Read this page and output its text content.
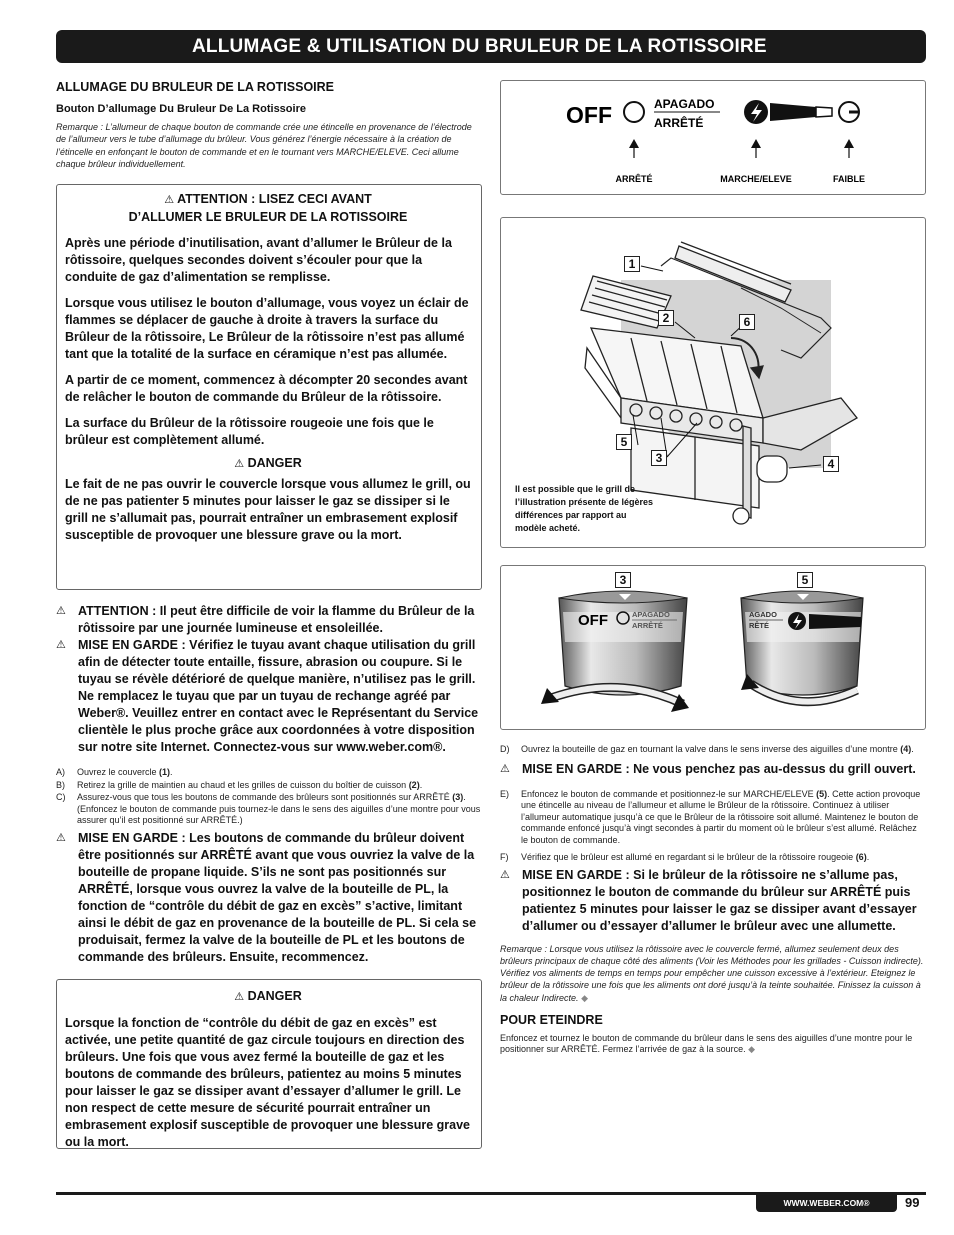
ALLUMAGE & UTILISATION DU BRULEUR DE LA ROTISSOIRE
ALLUMAGE DU BRULEUR DE LA ROTISSOIRE
Bouton D’allumage Du Bruleur De La Rotissoire
Remarque : L’allumeur de chaque bouton de commande crée une étincelle en provenance de l’électrode de l’allumeur vers le tube d’allumage du brûleur. Vous générez l’énergie nécessaire à la création de l’étincelle en enfonçant le bouton de commande et en le tournant vers MARCHE/ELEVE. Ceci allume chaque brûleur individuellement.
⚠ ATTENTION : LISEZ CECI AVANT
D’ALLUMER LE BRULEUR DE LA ROTISSOIRE

Après une période d’inutilisation, avant d’allumer le Brûleur de la rôtissoire, quelques secondes doivent s’écouler pour que la conduite de gaz d’alimentation se remplisse.

Lorsque vous utilisez le bouton d’allumage, vous voyez un éclair de flammes se déplacer de gauche à droite à travers la surface du Brûleur de la rôtissoire, Le Brûleur de la rôtissoire n’est pas allumé tant que la totalité de la surface en céramique n’est pas allumée.

A partir de ce moment, commencez à décompter 20 secondes avant de relâcher le bouton de commande du Brûleur de la rôtissoire.

La surface du Brûleur de la rôtissoire rougeoie une fois que le brûleur est complètement allumé.

⚠ DANGER

Le fait de ne pas ouvrir le couvercle lorsque vous allumez le grill, ou de ne pas patienter 5 minutes pour laisser le gaz se dissiper si le grill ne s’allumait pas, pourrait entraîner un embrasement explosif susceptible de provoquer une blessure grave ou la mort.

⚠ ATTENTION : Il peut être difficile de voir la flamme du Brûleur de la rôtissoire par une journée lumineuse et ensoleillée.
⚠ MISE EN GARDE : Vérifiez le tuyau avant chaque utilisation du grill afin de détecter toute entaille, fissure, abrasion ou coupure. Si le tuyau se révèle détérioré de quelque manière, n’utilisez pas le grill. Ne remplacez le tuyau que par un tuyau de rechange agréé par Weber®. Veuillez entrer en contact avec le Représentant du Service clientèle le plus proche grâce aux coordonnées à votre disposition sur notre site Internet. Connectez-vous sur www.weber.com®.
A)	Ouvrez le couvercle (1).
B)	Retirez la grille de maintien au chaud et les grilles de cuisson du boîtier de cuisson (2).
C)	Assurez-vous que tous les boutons de commande des brûleurs sont positionnés sur ARRÊTÉ (3). (Enfoncez le bouton de commande puis tournez-le dans le sens des aiguilles d’une montre pour vous assurer qu’il est positionné sur ARRÊTÉ.)
⚠ MISE EN GARDE : Les boutons de commande du brûleur doivent être positionnés sur ARRÊTÉ avant que vous ouvriez la valve de la bouteille de propane liquide. S’ils ne sont pas positionnés sur ARRÊTÉ, lorsque vous ouvrez la valve de la bouteille de PL, la fonction de “contrôle du débit de gaz en excès” s’active, limitant ainsi le débit de gaz en provenance de la bouteille de PL. Si cela se produisait, fermez la valve de la bouteille de PL et les boutons de commande des brûleurs. Ensuite, recommencez.
⚠ DANGER

Lorsque la fonction de “contrôle du débit de gaz en excès” est activée, une petite quantité de gaz circule toujours en direction des brûleurs. Une fois que vous avez fermé la bouteille de gaz et les boutons de commande des brûleurs, patientez au moins 5 minutes pour laisser le gaz se dissiper avant d’essayer d’allumer le grill. Le non respect de cette mesure de sécurité pourrait entraîner un embrasement explosif susceptible de provoquer une blessure grave ou la mort.

OFF	APAGADO
ARRÊTÉ
ARRÊTÉ	MARCHE/ELEVE	FAIBLE
1
2	6
5
3	4
Il est possible que le grill de l’illustration présente de légères différences par rapport au modèle acheté.
OFF	APAGADO
ARRÊTÉ
AGADO
RÊTÉ
3	5
D)	Ouvrez la bouteille de gaz en tournant la valve dans le sens inverse des aiguilles d’une montre (4).
⚠ MISE EN GARDE : Ne vous penchez pas au-dessus du grill ouvert.
E)	Enfoncez le bouton de commande et positionnez-le sur MARCHE/ELEVE (5). Cette action provoque une étincelle au niveau de l’allumeur et allume le Brûleur de la rôtissoire. Continuez à utiliser l’allumeur automatique jusqu’à ce que le Brûleur de la rôtissoire soit allumé. Maintenez le bouton de commande enfoncé jusqu’à vingt secondes à partir du moment où le brûleur s’est allumé. Relâchez le bouton de commande.
F)	Vérifiez que le brûleur est allumé en regardant si le brûleur de la rôtissoire rougeoie (6).
⚠ MISE EN GARDE : Si le brûleur de la rôtissoire ne s’allume pas, positionnez le bouton de commande du brûleur sur ARRÊTÉ puis patientez 5 minutes pour laisser le gaz se dissiper avant d’essayer d’allumer ou d’essayer d’allumer le brûleur avec une allumette.
Remarque : Lorsque vous utilisez la rôtissoire avec le couvercle fermé, allumez seulement deux des brûleurs principaux de chaque côté des aliments (Voir les Méthodes pour les grillades - Cuisson indirecte). Vérifiez vos aliments de temps en temps pour empêcher une cuisson excessive à l’extérieur. Eteignez le brûleur de la rôtissoire une fois que les aliments ont doré jusqu’à la teinte souhaitée. Finissez la cuisson à la chaleur Indirecte. ◆
POUR ETEINDRE
Enfoncez et tournez le bouton de commande du brûleur dans le sens des aiguilles d’une montre pour le positionner sur ARRÊTÉ. Fermez l’arrivée de gaz à la source. ◆
WWW.WEBER.COM®	99
